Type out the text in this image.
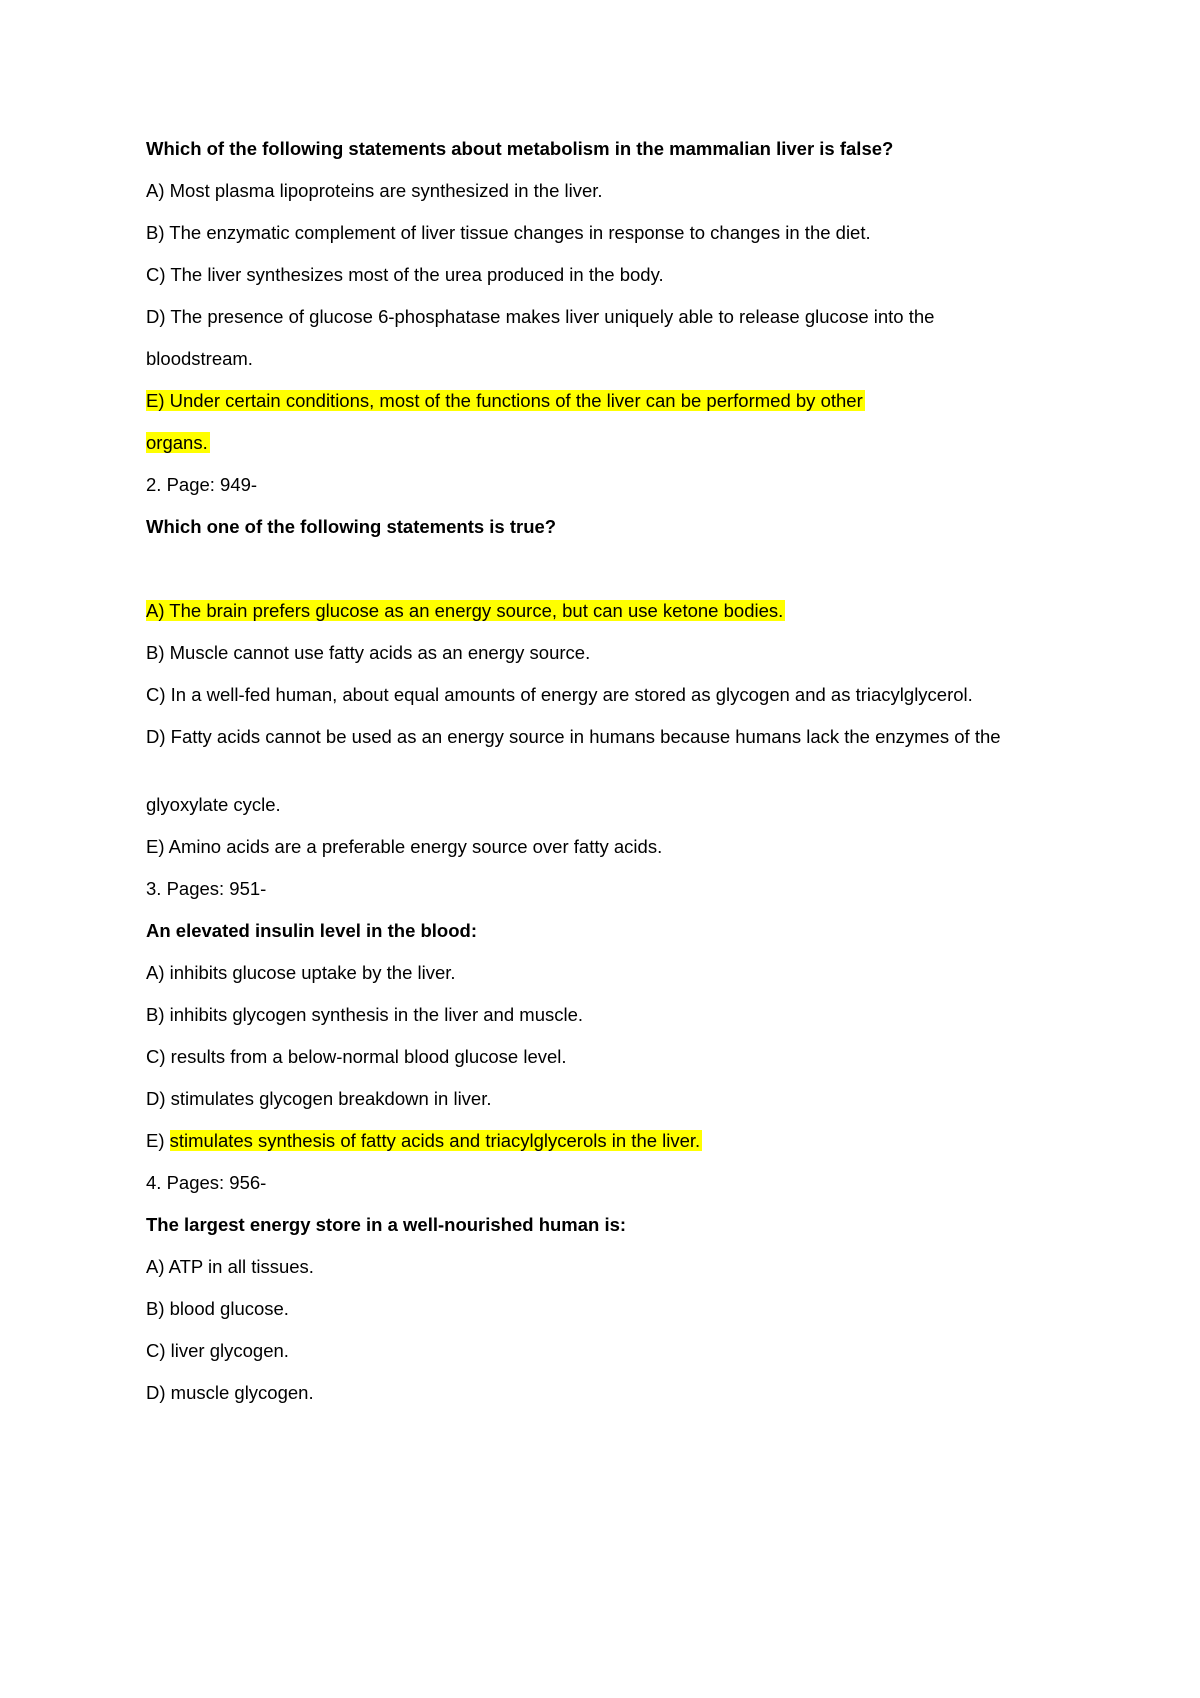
Which of the following statements about metabolism in the mammalian liver is false?
A) Most plasma lipoproteins are synthesized in the liver.
B) The enzymatic complement of liver tissue changes in response to changes in the diet.
C) The liver synthesizes most of the urea produced in the body.
D) The presence of glucose 6-phosphatase makes liver uniquely able to release glucose into the
bloodstream.
E) Under certain conditions, most of the functions of the liver can be performed by other
organs.
2. Page: 949-
Which one of the following statements is true?
A) The brain prefers glucose as an energy source, but can use ketone bodies.
B) Muscle cannot use fatty acids as an energy source.
C) In a well-fed human, about equal amounts of energy are stored as glycogen and as triacylglycerol.
D) Fatty acids cannot be used as an energy source in humans because humans lack the enzymes of the
glyoxylate cycle.
E) Amino acids are a preferable energy source over fatty acids.
3. Pages: 951-
An elevated insulin level in the blood:
A) inhibits glucose uptake by the liver.
B) inhibits glycogen synthesis in the liver and muscle.
C) results from a below-normal blood glucose level.
D) stimulates glycogen breakdown in liver.
E) stimulates synthesis of fatty acids and triacylglycerols in the liver.
4. Pages: 956-
The largest energy store in a well-nourished human is:
A) ATP in all tissues.
B) blood glucose.
C) liver glycogen.
D) muscle glycogen.
